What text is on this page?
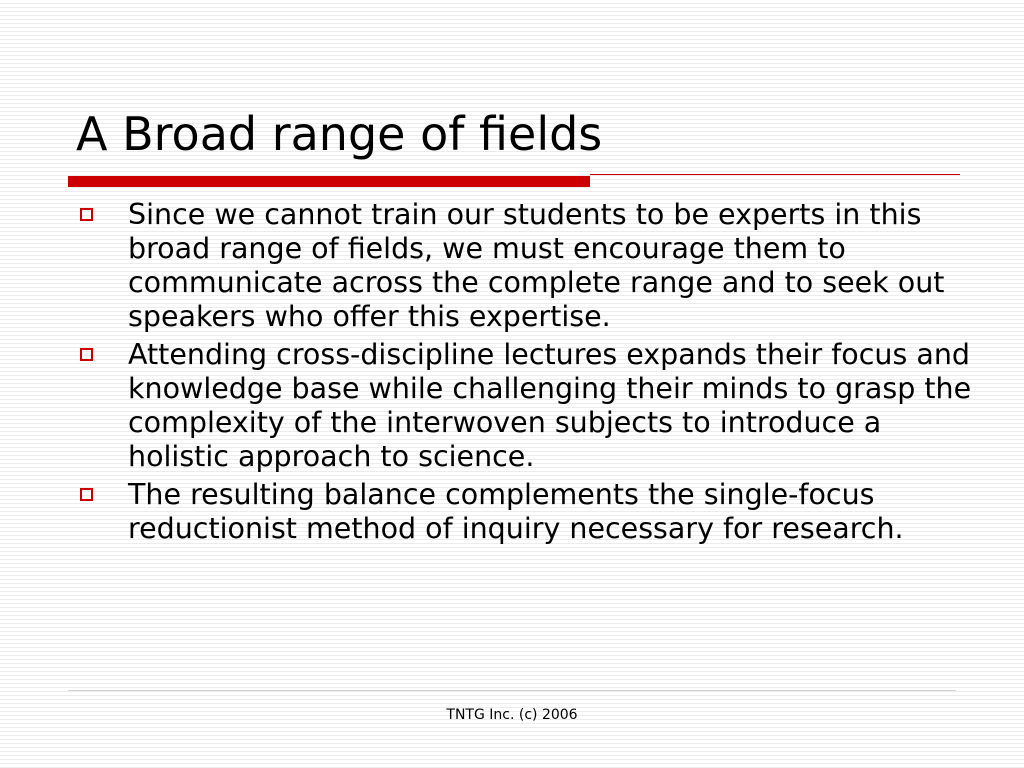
A Broad range of fields
Since we cannot train our students to be experts in this broad range of fields, we must encourage them to communicate across the complete range and to seek out speakers who offer this expertise.
Attending cross-discipline lectures expands their focus and knowledge base while challenging their minds to grasp the complexity of the interwoven subjects to introduce a holistic approach to science.
The resulting balance complements the single-focus reductionist method of inquiry necessary for research.
TNTG Inc. (c) 2006
